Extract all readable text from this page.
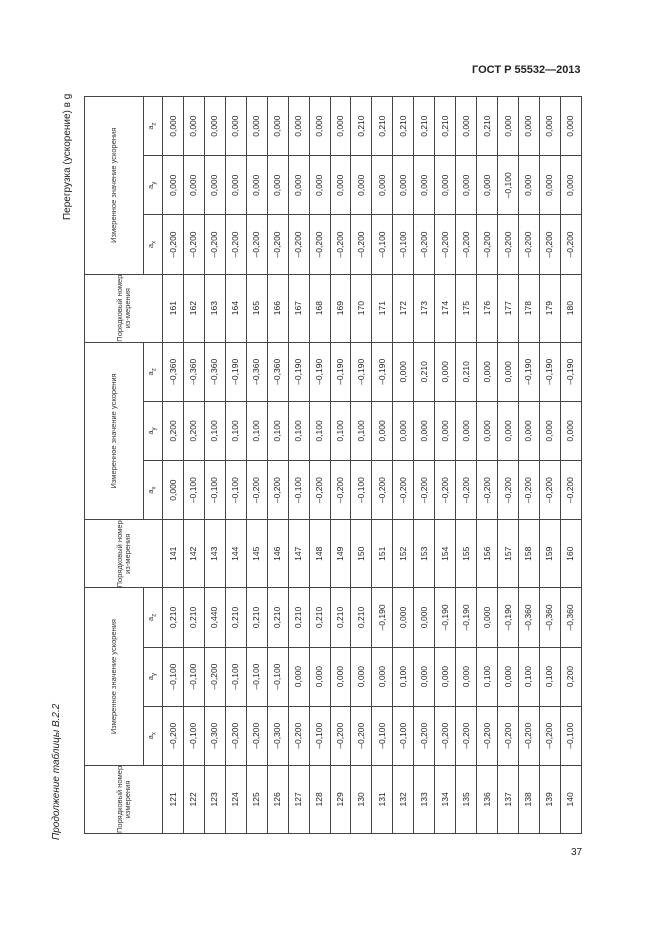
ГОСТ Р 55532—2013
Продолжение таблицы В.2.2
Перегрузка (ускорение) в g
Порядковый номер измерения	Измеренное значение ускорения			Порядковый номер из-мерения	Измеренное значение ускорения			Порядковый номер из-мерения	Измеренное значение ускорения		
	$a_x$	$a_y$	$a_z$		$a_x$	$a_y$	$a_z$		$a_x$	$a_y$	$a_z$
121	–0,200	–0,100	0,210	141	0,000	0,200	–0,360	161	–0,200	0,000	0,000
122	–0,100	–0,100	0,210	142	–0,100	0,200	–0,360	162	–0,200	0,000	0,000
123	–0,300	–0,200	0,440	143	–0,100	0,100	–0,360	163	–0,200	0,000	0,000
124	–0,200	–0,100	0,210	144	–0,100	0,100	–0,190	164	–0,200	0,000	0,000
125	–0,200	–0,100	0,210	145	–0,200	0,100	–0,360	165	–0,200	0,000	0,000
126	–0,300	–0,100	0,210	146	–0,200	0,100	–0,360	166	–0,200	0,000	0,000
127	–0,200	0,000	0,210	147	–0,100	0,100	–0,190	167	–0,200	0,000	0,000
128	–0,100	0,000	0,210	148	–0,200	0,100	–0,190	168	–0,200	0,000	0,000
129	–0,200	0,000	0,210	149	–0,200	0,100	–0,190	169	–0,200	0,000	0,000
130	–0,200	0,000	0,210	150	–0,100	0,100	–0,190	170	–0,200	0,000	0,210
131	–0,100	0,000	–0,190	151	–0,200	0,000	–0,190	171	–0,100	0,000	0,210
132	–0,100	0,100	0,000	152	–0,200	0,000	0,000	172	–0,100	0,000	0,210
133	–0,200	0,000	0,000	153	–0,200	0,000	0,210	173	–0,200	0,000	0,210
134	–0,200	0,000	–0,190	154	–0,200	0,000	0,000	174	–0,200	0,000	0,210
135	–0,200	0,000	–0,190	155	–0,200	0,000	0,210	175	–0,200	0,000	0,000
136	–0,200	0,100	0,000	156	–0,200	0,000	0,000	176	–0,200	0,000	0,210
137	–0,200	0,000	–0,190	157	–0,200	0,000	0,000	177	–0,200	–0,100	0,000
138	–0,200	0,100	–0,360	158	–0,200	0,000	–0,190	178	–0,200	0,000	0,000
139	–0,200	0,100	–0,360	159	–0,200	0,000	–0,190	179	–0,200	0,000	0,000
140	–0,100	0,200	–0,360	160	–0,200	0,000	–0,190	180	–0,200	0,000	0,000
37
